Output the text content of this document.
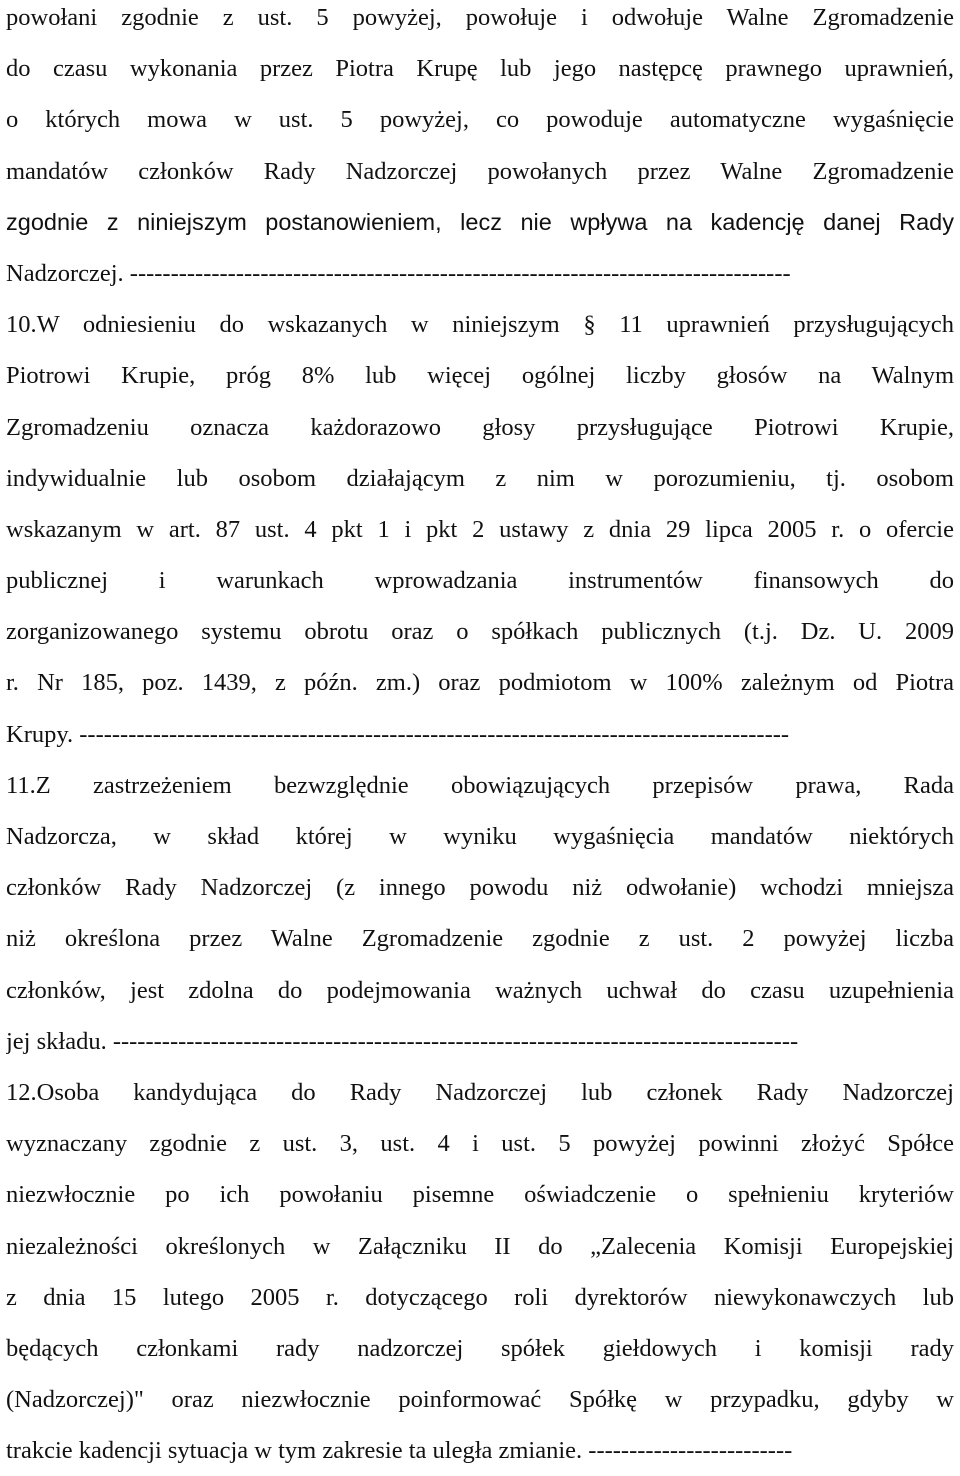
powołani zgodnie z ust. 5 powyżej, powołuje i odwołuje Walne Zgromadzenie
do czasu wykonania przez Piotra Krupę lub jego następcę prawnego uprawnień,
o których mowa w ust. 5 powyżej, co powoduje automatyczne wygaśnięcie
mandatów członków Rady Nadzorczej powołanych przez Walne Zgromadzenie
zgodnie z niniejszym postanowieniem, lecz nie wpływa na kadencję danej Rady
Nadzorczej. ---------------------------------------------------------------------------------
10.W odniesieniu do wskazanych w niniejszym § 11 uprawnień przysługujących
Piotrowi Krupie, próg 8% lub więcej ogólnej liczby głosów na Walnym
Zgromadzeniu oznacza każdorazowo głosy przysługujące Piotrowi Krupie,
indywidualnie lub osobom działającym z nim w porozumieniu, tj. osobom
wskazanym w art. 87 ust. 4 pkt 1 i pkt 2 ustawy z dnia 29 lipca 2005 r. o ofercie
publicznej i warunkach wprowadzania instrumentów finansowych do
zorganizowanego systemu obrotu oraz o spółkach publicznych (t.j. Dz. U. 2009
r. Nr 185, poz. 1439, z późn. zm.) oraz podmiotom w 100% zależnym od Piotra
Krupy. ---------------------------------------------------------------------------------------
11.Z zastrzeżeniem bezwzględnie obowiązujących przepisów prawa, Rada
Nadzorcza, w skład której w wyniku wygaśnięcia mandatów niektórych
członków Rady Nadzorczej (z innego powodu niż odwołanie) wchodzi mniejsza
niż określona przez Walne Zgromadzenie zgodnie z ust. 2 powyżej liczba
członków, jest zdolna do podejmowania ważnych uchwał do czasu uzupełnienia
jej składu. ------------------------------------------------------------------------------------
12.Osoba kandydująca do Rady Nadzorczej lub członek Rady Nadzorczej
wyznaczany zgodnie z ust. 3, ust. 4 i ust. 5 powyżej powinni złożyć Spółce
niezwłocznie po ich powołaniu pisemne oświadczenie o spełnieniu kryteriów
niezależności określonych w Załączniku II do „Zalecenia Komisji Europejskiej
z dnia 15 lutego 2005 r. dotyczącego roli dyrektorów niewykonawczych lub
będących członkami rady nadzorczej spółek giełdowych i komisji rady
(Nadzorczej)" oraz niezwłocznie poinformować Spółkę w przypadku, gdyby w
trakcie kadencji sytuacja w tym zakresie ta uległa zmianie. -------------------------
